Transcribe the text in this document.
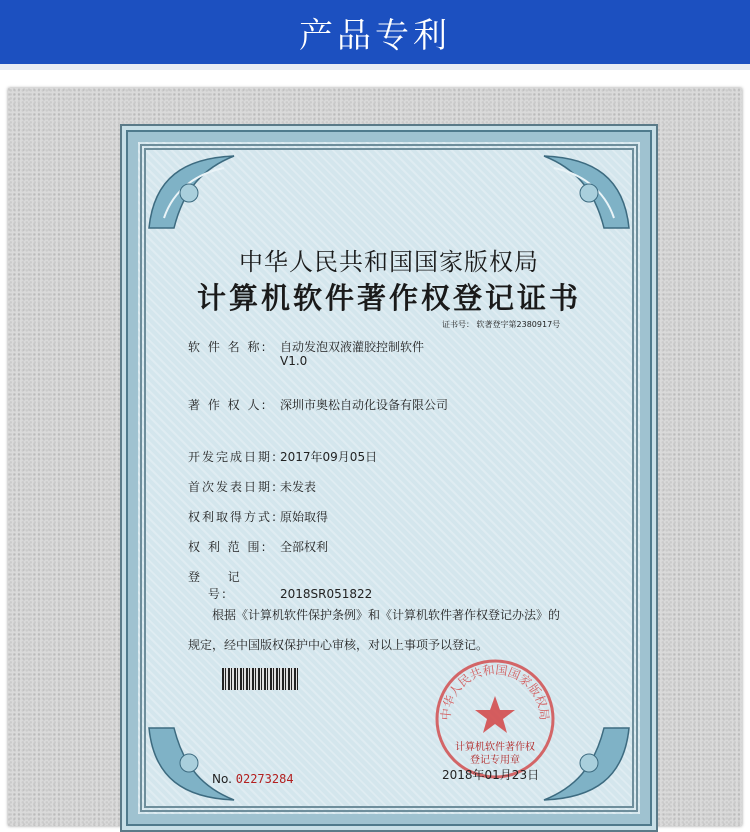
产品专利
中华人民共和国国家版权局
计算机软件著作权登记证书
证书号： 软著登字第2380917号
软 件 名 称: 自动发泡双液灌胶控制软件
V1.0
著 作 权 人: 深圳市奥松自动化设备有限公司
开发完成日期: 2017年09月05日
首次发表日期: 未发表
权利取得方式: 原始取得
权 利 范 围: 全部权利
登 　 记 　 号:	2018SR051822
根据《计算机软件保护条例》和《计算机软件著作权登记办法》的
规定，经中国版权保护中心审核，对以上事项予以登记。
中华人民共和国国家版权局
计算机软件著作权
登记专用章
No. 02273284	2018年01月23日
